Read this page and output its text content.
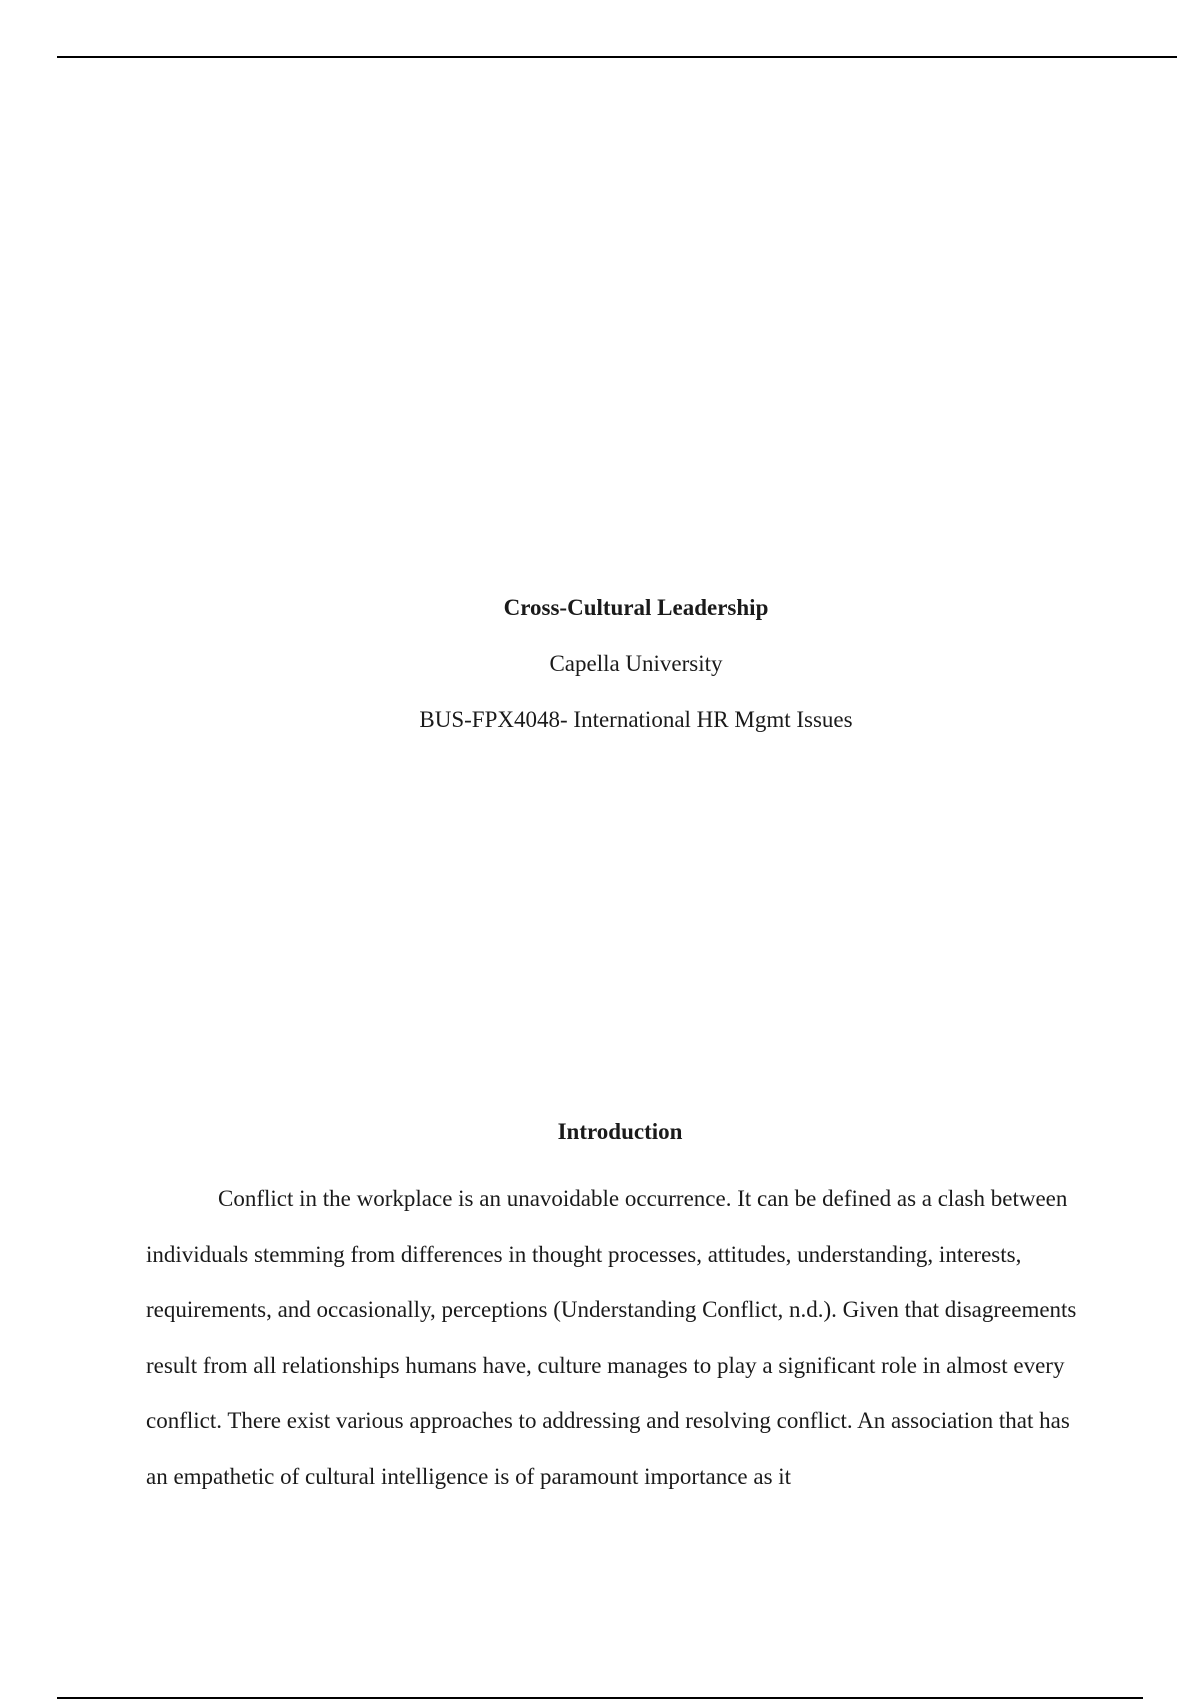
Cross-Cultural Leadership
Capella University
BUS-FPX4048- International HR Mgmt Issues
Introduction

Conflict in the workplace is an unavoidable occurrence. It can be defined as a clash between individuals stemming from differences in thought processes, attitudes, understanding, interests, requirements, and occasionally, perceptions (Understanding Conflict, n.d.). Given that disagreements result from all relationships humans have, culture manages to play a significant role in almost every conflict. There exist various approaches to addressing and resolving conflict. An association that has an empathetic of cultural intelligence is of paramount importance as it
